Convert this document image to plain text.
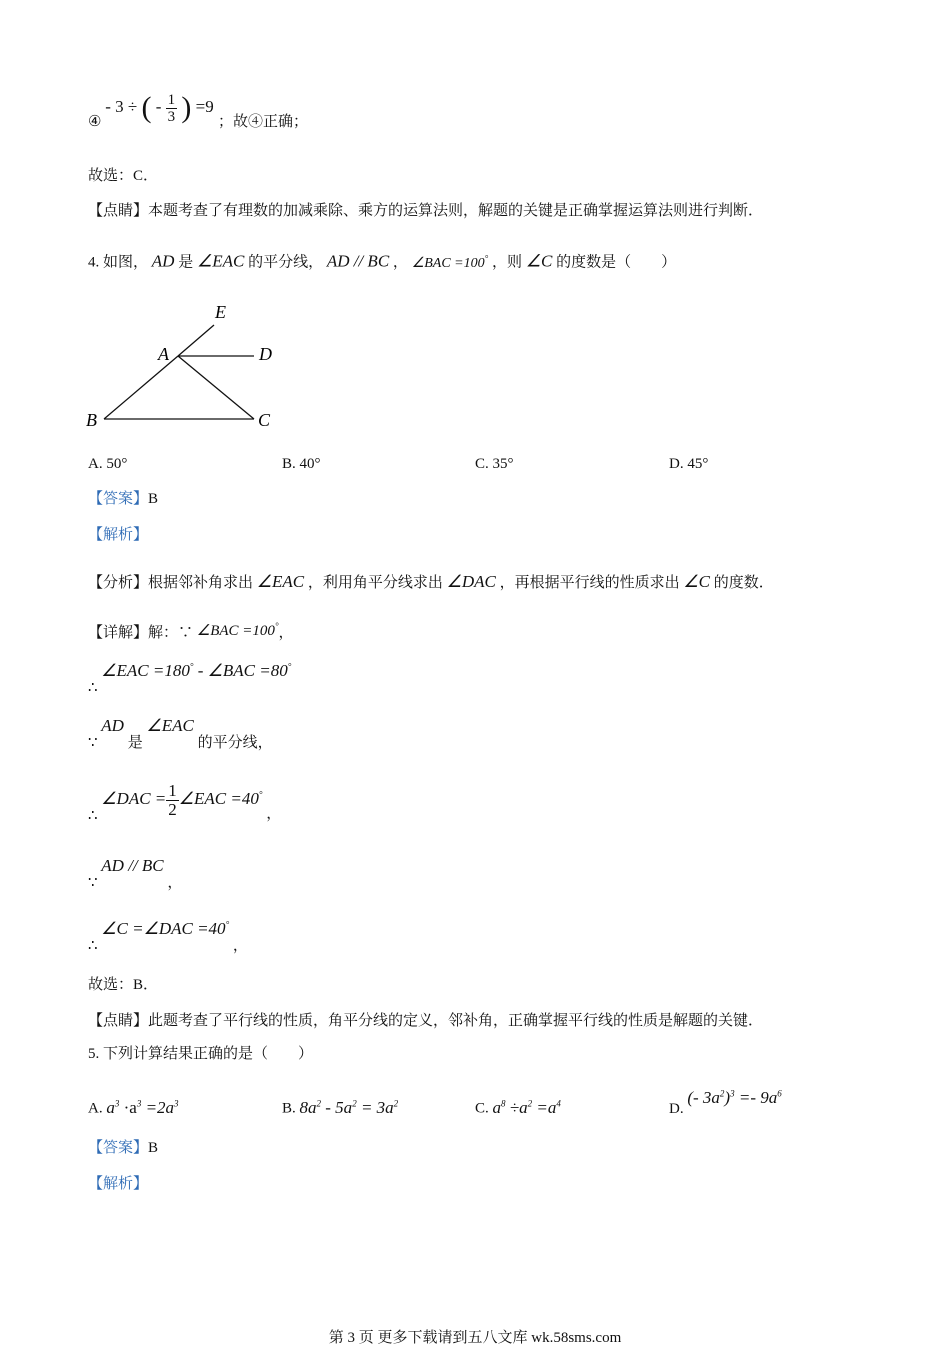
④ - 3 ÷ ( - $\frac{1}{3}$ ) =9 ；故④正确；
故选：C．
【点睛】本题考查了有理数的加减乘除、乘方的运算法则，解题的关键是正确掌握运算法则进行判断．
4. 如图， AD 是 ∠EAC 的平分线， AD // BC ， ∠BAC =100° ，则 ∠C 的度数是（　　）
E
A	D
B	C
A. 50°	B. 40°	C. 35°	D. 45°
【答案】B
【解析】
【分析】根据邻补角求出 ∠EAC ，利用角平分线求出 ∠DAC ，再根据平行线的性质求出 ∠C 的度数．
【详解】解：∵ ∠BAC =100°，
∴ ∠EAC =180° - ∠BAC =80°
∵ AD 是 ∠EAC 的平分线，
∴ ∠DAC = $\frac{1}{2}$ ∠EAC =40° ，
∵ AD // BC ，
∴ ∠C =∠DAC =40° ，
故选：B．
【点睛】此题考查了平行线的性质，角平分线的定义，邻补角，正确掌握平行线的性质是解题的关键．
5. 下列计算结果正确的是（　　）
A. $a^3 \cdot a^3 =2a^3$	B. $8a^2 - 5a^2 = 3a^2$	C. $a^8 \div a^2 =a^4$	D. (- $3a^2)^3 =- 9a^6$
【答案】B
【解析】
第 3 页 更多下载请到五八文库 wk.58sms.com
